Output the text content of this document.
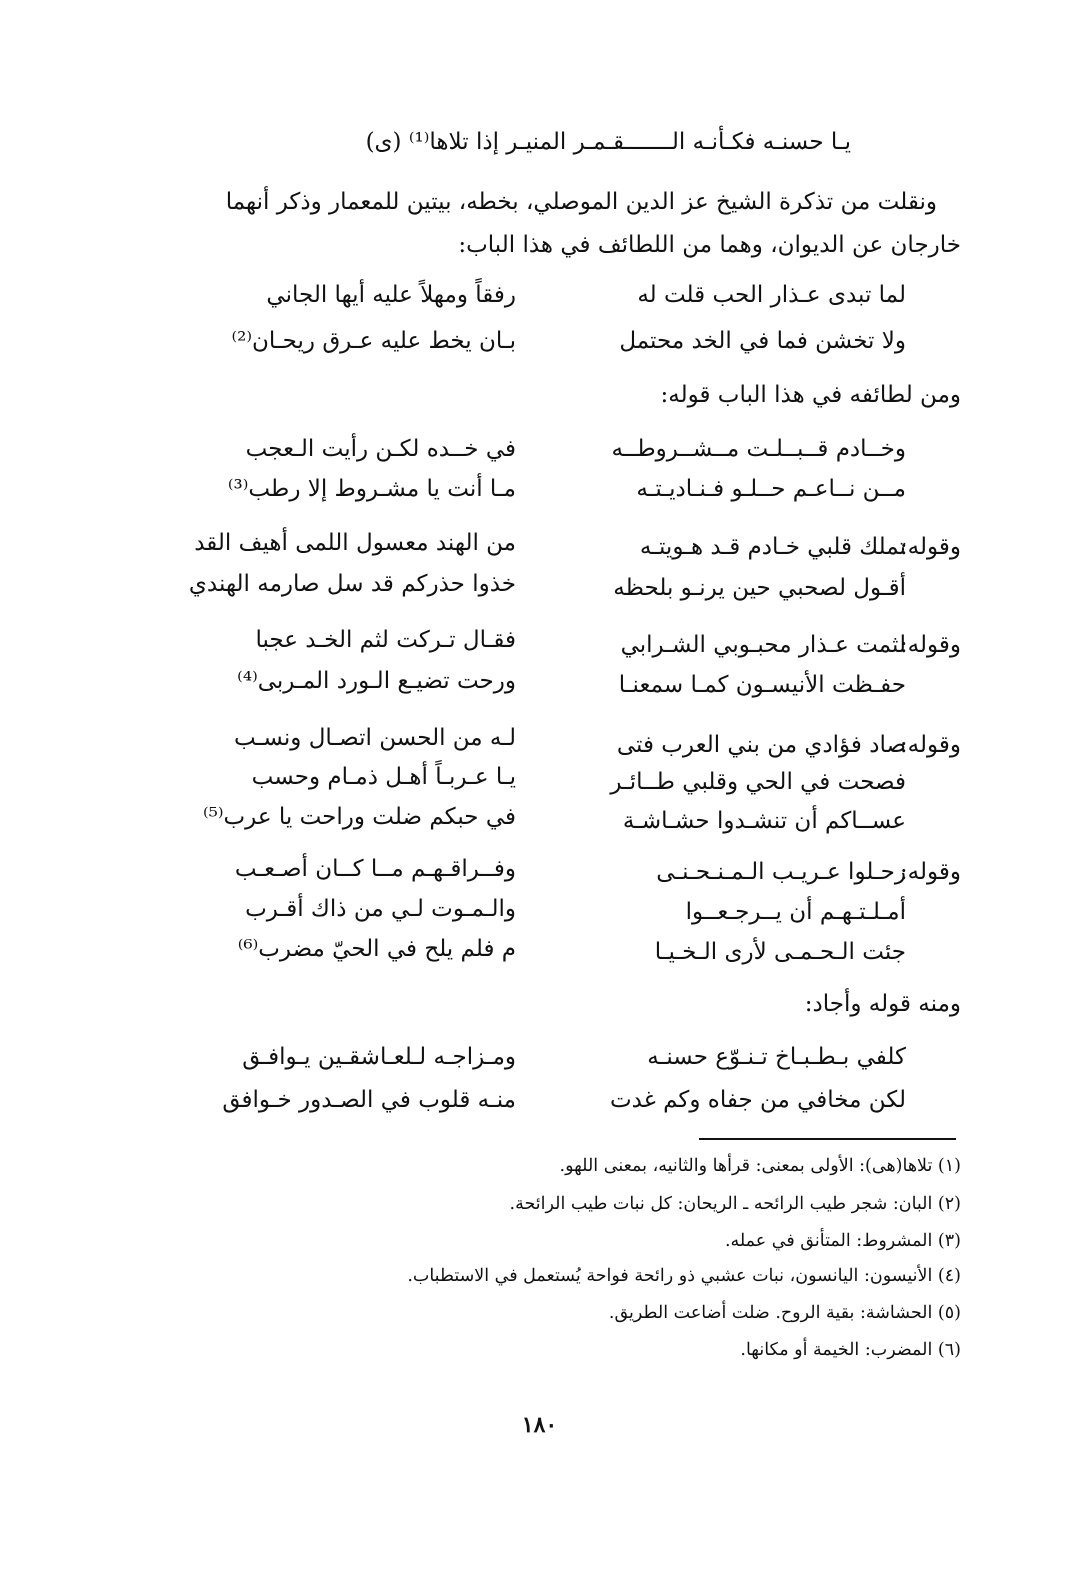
يـا حسنـه فكـأنـه الـــــــقـمـر المنيـر إذا تلاها⁽¹⁾ (ى)
ونقلت من تذكرة الشيخ عز الدين الموصلي، بخطه، بيتين للمعمار وذكر أنهما
خارجان عن الديوان، وهما من اللطائف في هذا الباب:
لما تبدى عـذار الحب قلت له
رفقاً ومهلاً عليه أيها الجاني
ولا تخشن فما في الخد محتمل
بـان يخط عليه عـرق ريحـان⁽²⁾
ومن لطائفه في هذا الباب قوله:
وخــادم قــبــلـت مــشــروطــه
في خــده لكـن رأيت الـعجب
مــن نــاعـم حــلـو فـنـاديـتـه
مـا أنت يا مشـروط إلا رطب⁽³⁾
وقوله:
تملك قلبي خـادم قـد هـويتـه
من الهند معسول اللمى أهيف القد
أقـول لصحبي حين يرنـو بلحظه
خذوا حذركم قد سل صارمه الهندي
وقوله:
لثمت عـذار محبـوبي الشـرابي
فقـال تـركت لثم الخـد عجبا
حفـظت الأنيسـون كمـا سمعنـا
ورحت تضيـع الـورد المـربى⁽⁴⁾
وقوله:
صاد فؤادي من بني العرب فتى
لـه من الحسن اتصـال ونسـب
فصحت في الحي وقلبي طــائـر
يـا عـربـاً أهـل ذمـام وحسب
عســاكم أن تنشـدوا حشـاشـة
في حبكم ضلت وراحت يا عرب⁽⁵⁾
وقوله:
رحـلوا عـريـب الـمـنـحـنـى
وفــراقـهـم مــا كــان أصـعـب
أمـلـتـهـم أن يــرجـعــوا
والـمـوت لـي من ذاك أقـرب
جئت الـحـمـى لأرى الـخـيـا
م فلم يلح في الحيّ مضرب⁽⁶⁾
ومنه قوله وأجاد:
كلفي بـطـبـاخ تـنـوّع حسنـه
ومـزاجـه لـلعـاشقـين يـوافـق
لكن مخافي من جفاه وكم غدت
منـه قلوب في الصـدور خـوافق
(١) تلاها(هى): الأولى بمعنى: قرأها والثانيه، بمعنى اللهو.
(٢) البان: شجر طيب الرائحه ـ الريحان: كل نبات طيب الرائحة.
(٣) المشروط: المتأنق في عمله.
(٤) الأنيسون: اليانسون، نبات عشبي ذو رائحة فواحة يُستعمل في الاستطباب.
(٥) الحشاشة: بقية الروح. ضلت أضاعت الطريق.
(٦) المضرب: الخيمة أو مكانها.
١٨٠
